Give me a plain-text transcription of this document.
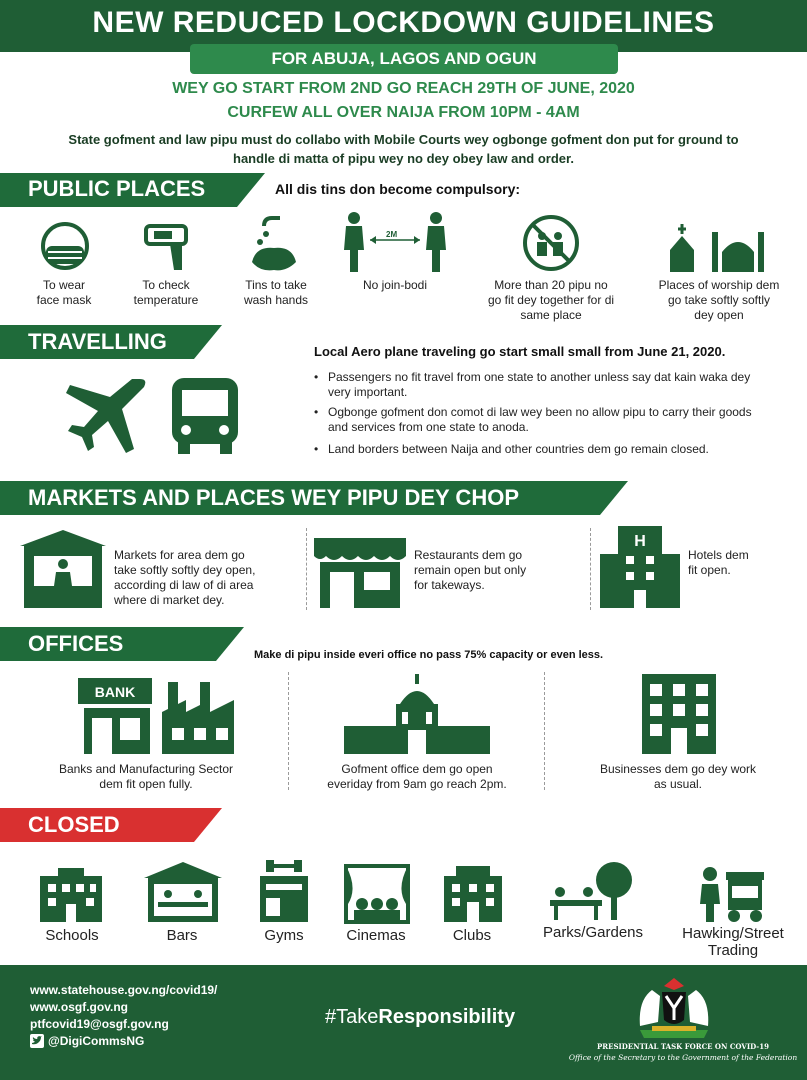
NEW REDUCED LOCKDOWN GUIDELINES
FOR ABUJA, LAGOS AND OGUN
WEY GO START FROM 2ND GO REACH 29TH OF JUNE, 2020
CURFEW ALL OVER NAIJA FROM 10PM - 4AM
State gofment and law pipu must do collabo with Mobile Courts wey ogbonge gofment don put for ground to handle di matta of pipu wey no dey obey law and order.
PUBLIC PLACES	All dis tins don become compulsory:
To wear
face mask
To check
temperature
Tins to take
wash hands
2M
No join-bodi	More than 20 pipu no
go fit dey together for di
same place
Places of worship dem
go take softly softly
dey open
TRAVELLING	Local Aero plane traveling go start small small from June 21, 2020.
• Passengers no fit travel from one state to another unless say dat kain waka dey very important.
• Ogbonge gofment don comot di law wey been no allow pipu to carry their goods and services from one state to anoda.
• Land borders between Naija and other countries dem go remain closed.
MARKETS AND PLACES WEY PIPU DEY CHOP
Markets for area dem go
take softly softly dey open,
according di law of di area
where di market dey.
Restaurants dem go
remain open but only
for takeways.
H
Hotels dem
fit open.
OFFICES	Make di pipu inside everi office no pass 75% capacity or even less.
BANK
Banks and Manufacturing Sector
dem fit open fully.
Gofment office dem go open
everiday from 9am go reach 2pm.
Businesses dem go dey work
as usual.
CLOSED
Schools	Bars	Gyms	Cinemas	Clubs	Parks/Gardens	Hawking/Street
Trading
www.statehouse.gov.ng/covid19/
www.osgf.gov.ng
ptfcovid19@osgf.gov.ng
@DigiCommsNG
#TakeResponsibility
PRESIDENTIAL TASK FORCE ON COVID-19
Office of the Secretary to the Government of the Federation
